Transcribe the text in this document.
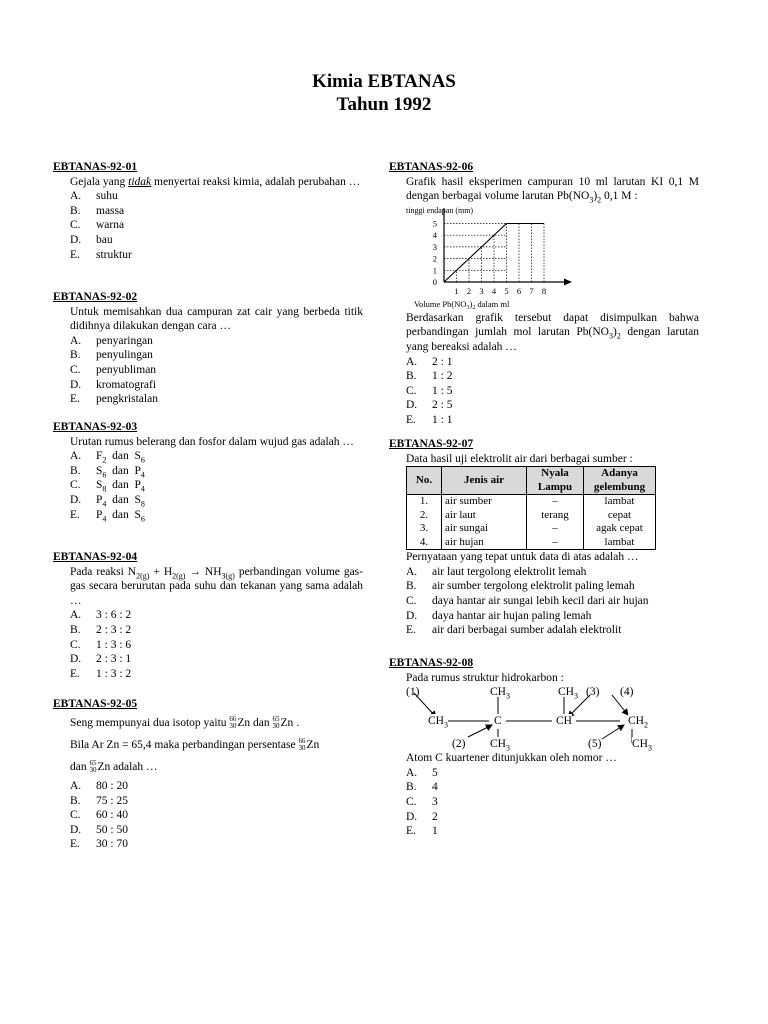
Kimia EBTANAS
Tahun 1992
EBTANAS-92-01
Gejala yang tidak menyertai reaksi kimia, adalah perubahan …
A.	suhu
B.	massa
C.	warna
D.	bau
E.	struktur
EBTANAS-92-02
Untuk memisahkan dua campuran zat cair yang berbeda titik didihnya dilakukan dengan cara …
A.	penyaringan
B.	penyulingan
C.	penyubliman
D.	kromatografi
E.	pengkristalan
EBTANAS-92-03
Urutan rumus belerang dan fosfor dalam wujud gas adalah …
A.	$F_2$ dan $S_6$
B.	$S_6$ dan $P_4$
C.	$S_8$ dan $P_4$
D.	$P_4$ dan $S_8$
E.	$P_4$ dan $S_6$
EBTANAS-92-04
Pada reaksi $N_{2(g)} + H_{2(g)} \to NH_{3(g)}$ perbandingan volume gas-gas secara berurutan pada suhu dan tekanan yang sama adalah …
A.	3 : 6 : 2
B.	2 : 3 : 2
C.	1 : 3 : 6
D.	2 : 3 : 1
E.	1 : 3 : 2
EBTANAS-92-05
Seng mempunyai dua isotop yaitu 66
30Zn dan 65
30Zn .
Bila Ar Zn = 65,4 maka perbandingan persentase 66
30Zn
dan 65
30Zn adalah …
A.	80 : 20
B.	75 : 25
C.	60 : 40
D.	50 : 50
E.	30 : 70
EBTANAS-92-06
Grafik hasil eksperimen campuran 10 ml larutan KI 0,1 M dengan berbagai volume larutan $Pb(NO_3)_2$ 0,1 M :
tinggi endapan (mm)
0
1
2
3
4
5
1 2 3 4 5 6 7 8
Volume $Pb(NO_3)_2$ dalam ml
Berdasarkan grafik tersebut dapat disimpulkan bahwa perbandingan jumlah mol larutan $Pb(NO_3)_2$ dengan larutan yang bereaksi adalah …
A.	2 : 1
B.	1 : 2
C.	1 : 5
D.	2 : 5
E.	1 : 1
EBTANAS-92-07
Data hasil uji elektrolit air dari berbagai sumber :
No.	Jenis air	Nyala Lampu	Adanya gelembung
1.	air sumber	–	lambat
2.	air laut	terang	cepat
3.	air sungai	–	agak cepat
4.	air hujan	–	lambat
Pernyataan yang tepat untuk data di atas adalah …
A.	air laut tergolong elektrolit lemah
B.	air sumber tergolong elektrolit paling lemah
C.	daya hantar air sungai lebih kecil dari air hujan
D.	daya hantar air hujan paling lemah
E.	air dari berbagai sumber adalah elektrolit
EBTANAS-92-08
Pada rumus struktur hidrokarbon :
(1)	$CH_3$	$CH_3$ (3) (4)
$CH_3$	C	CH	$CH_2$
(2) $CH_3$	(5)	$CH_3$
Atom C kuartener ditunjukkan oleh nomor …
A.	5
B.	4
C.	3
D.	2
E.	1
